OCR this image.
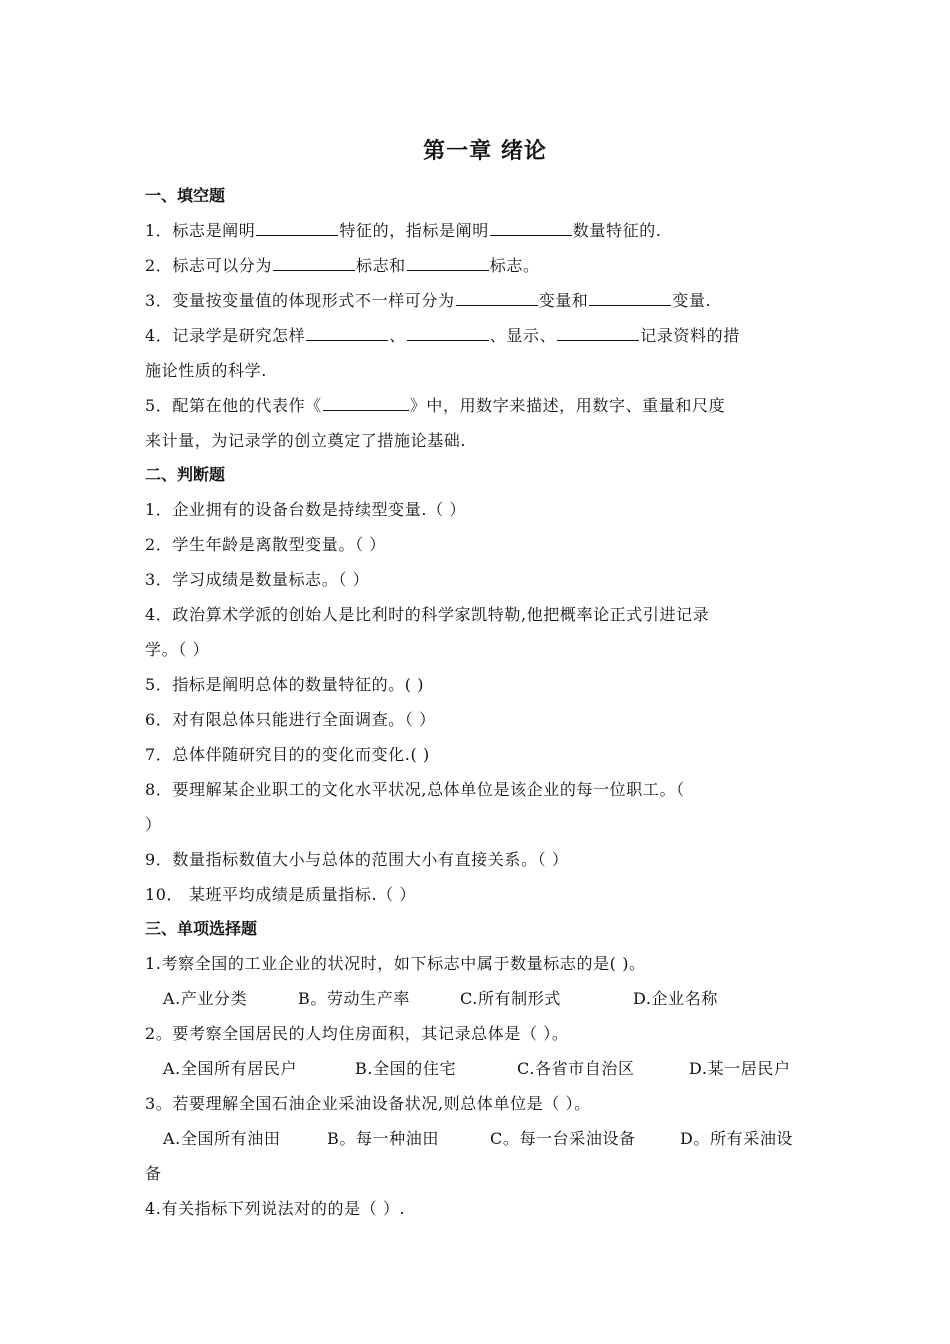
第一章 绪论
一、填空题
1．标志是阐明	特征的，指标是阐明	数量特征的.
2．标志可以分为	标志和	标志。
3．变量按变量值的体现形式不一样可分为	变量和	变量.
4．记录学是研究怎样	、	、显示、	记录资料的措
施论性质的科学.
5．配第在他的代表作《	》中，用数字来描述，用数字、重量和尺度
来计量，为记录学的创立奠定了措施论基础.
二、判断题
1．企业拥有的设备台数是持续型变量.（ ）
2．学生年龄是离散型变量。（ ）
3．学习成绩是数量标志。（ ）
4．政治算术学派的创始人是比利时的科学家凯特勒,他把概率论正式引进记录
学。（ ）
5．指标是阐明总体的数量特征的。( )
6．对有限总体只能进行全面调查。（ ）
7．总体伴随研究目的的变化而变化.( )
8．要理解某企业职工的文化水平状况,总体单位是该企业的每一位职工。（
）
9．数量指标数值大小与总体的范围大小有直接关系。（ ）
10． 某班平均成绩是质量指标.（ ）
三、单项选择题
1.考察全国的工业企业的状况时，如下标志中属于数量标志的是( )。
A.产业分类	B。劳动生产率	C.所有制形式	D.企业名称
2。要考察全国居民的人均住房面积，其记录总体是（ ）。
A.全国所有居民户	B.全国的住宅	C.各省市自治区	D.某一居民户
3。若要理解全国石油企业采油设备状况,则总体单位是（ ）。
A.全国所有油田	B。每一种油田	C。每一台采油设备	D。所有采油设
备
4.有关指标下列说法对的的是（ ）.
